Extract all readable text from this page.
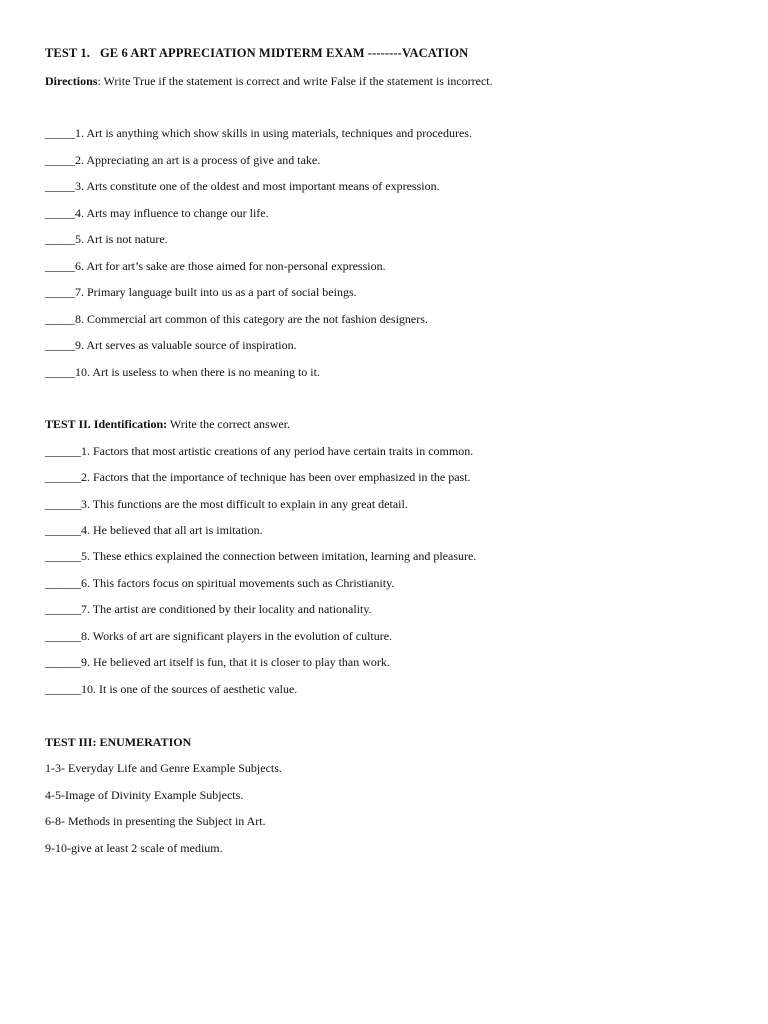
TEST 1. GE 6 ART APPRECIATION MIDTERM EXAM --------VACATION
Directions: Write True if the statement is correct and write False if the statement is incorrect.
_____1. Art is anything which show skills in using materials, techniques and procedures.
_____2. Appreciating an art is a process of give and take.
_____3. Arts constitute one of the oldest and most important means of expression.
_____4. Arts may influence to change our life.
_____5. Art is not nature.
_____6. Art for art’s sake are those aimed for non-personal expression.
_____7. Primary language built into us as a part of social beings.
_____8. Commercial art common of this category are the not fashion designers.
_____9. Art serves as valuable source of inspiration.
_____10. Art is useless to when there is no meaning to it.
TEST II. Identification: Write the correct answer.
______1. Factors that most artistic creations of any period have certain traits in common.
______2. Factors that the importance of technique has been over emphasized in the past.
______3. This functions are the most difficult to explain in any great detail.
______4. He believed that all art is imitation.
______5. These ethics explained the connection between imitation, learning and pleasure.
______6. This factors focus on spiritual movements such as Christianity.
______7. The artist are conditioned by their locality and nationality.
______8. Works of art are significant players in the evolution of culture.
______9. He believed art itself is fun, that it is closer to play than work.
______10. It is one of the sources of aesthetic value.
TEST III: ENUMERATION
1-3- Everyday Life and Genre Example Subjects.
4-5-Image of Divinity Example Subjects.
6-8- Methods in presenting the Subject in Art.
9-10-give at least 2 scale of medium.
